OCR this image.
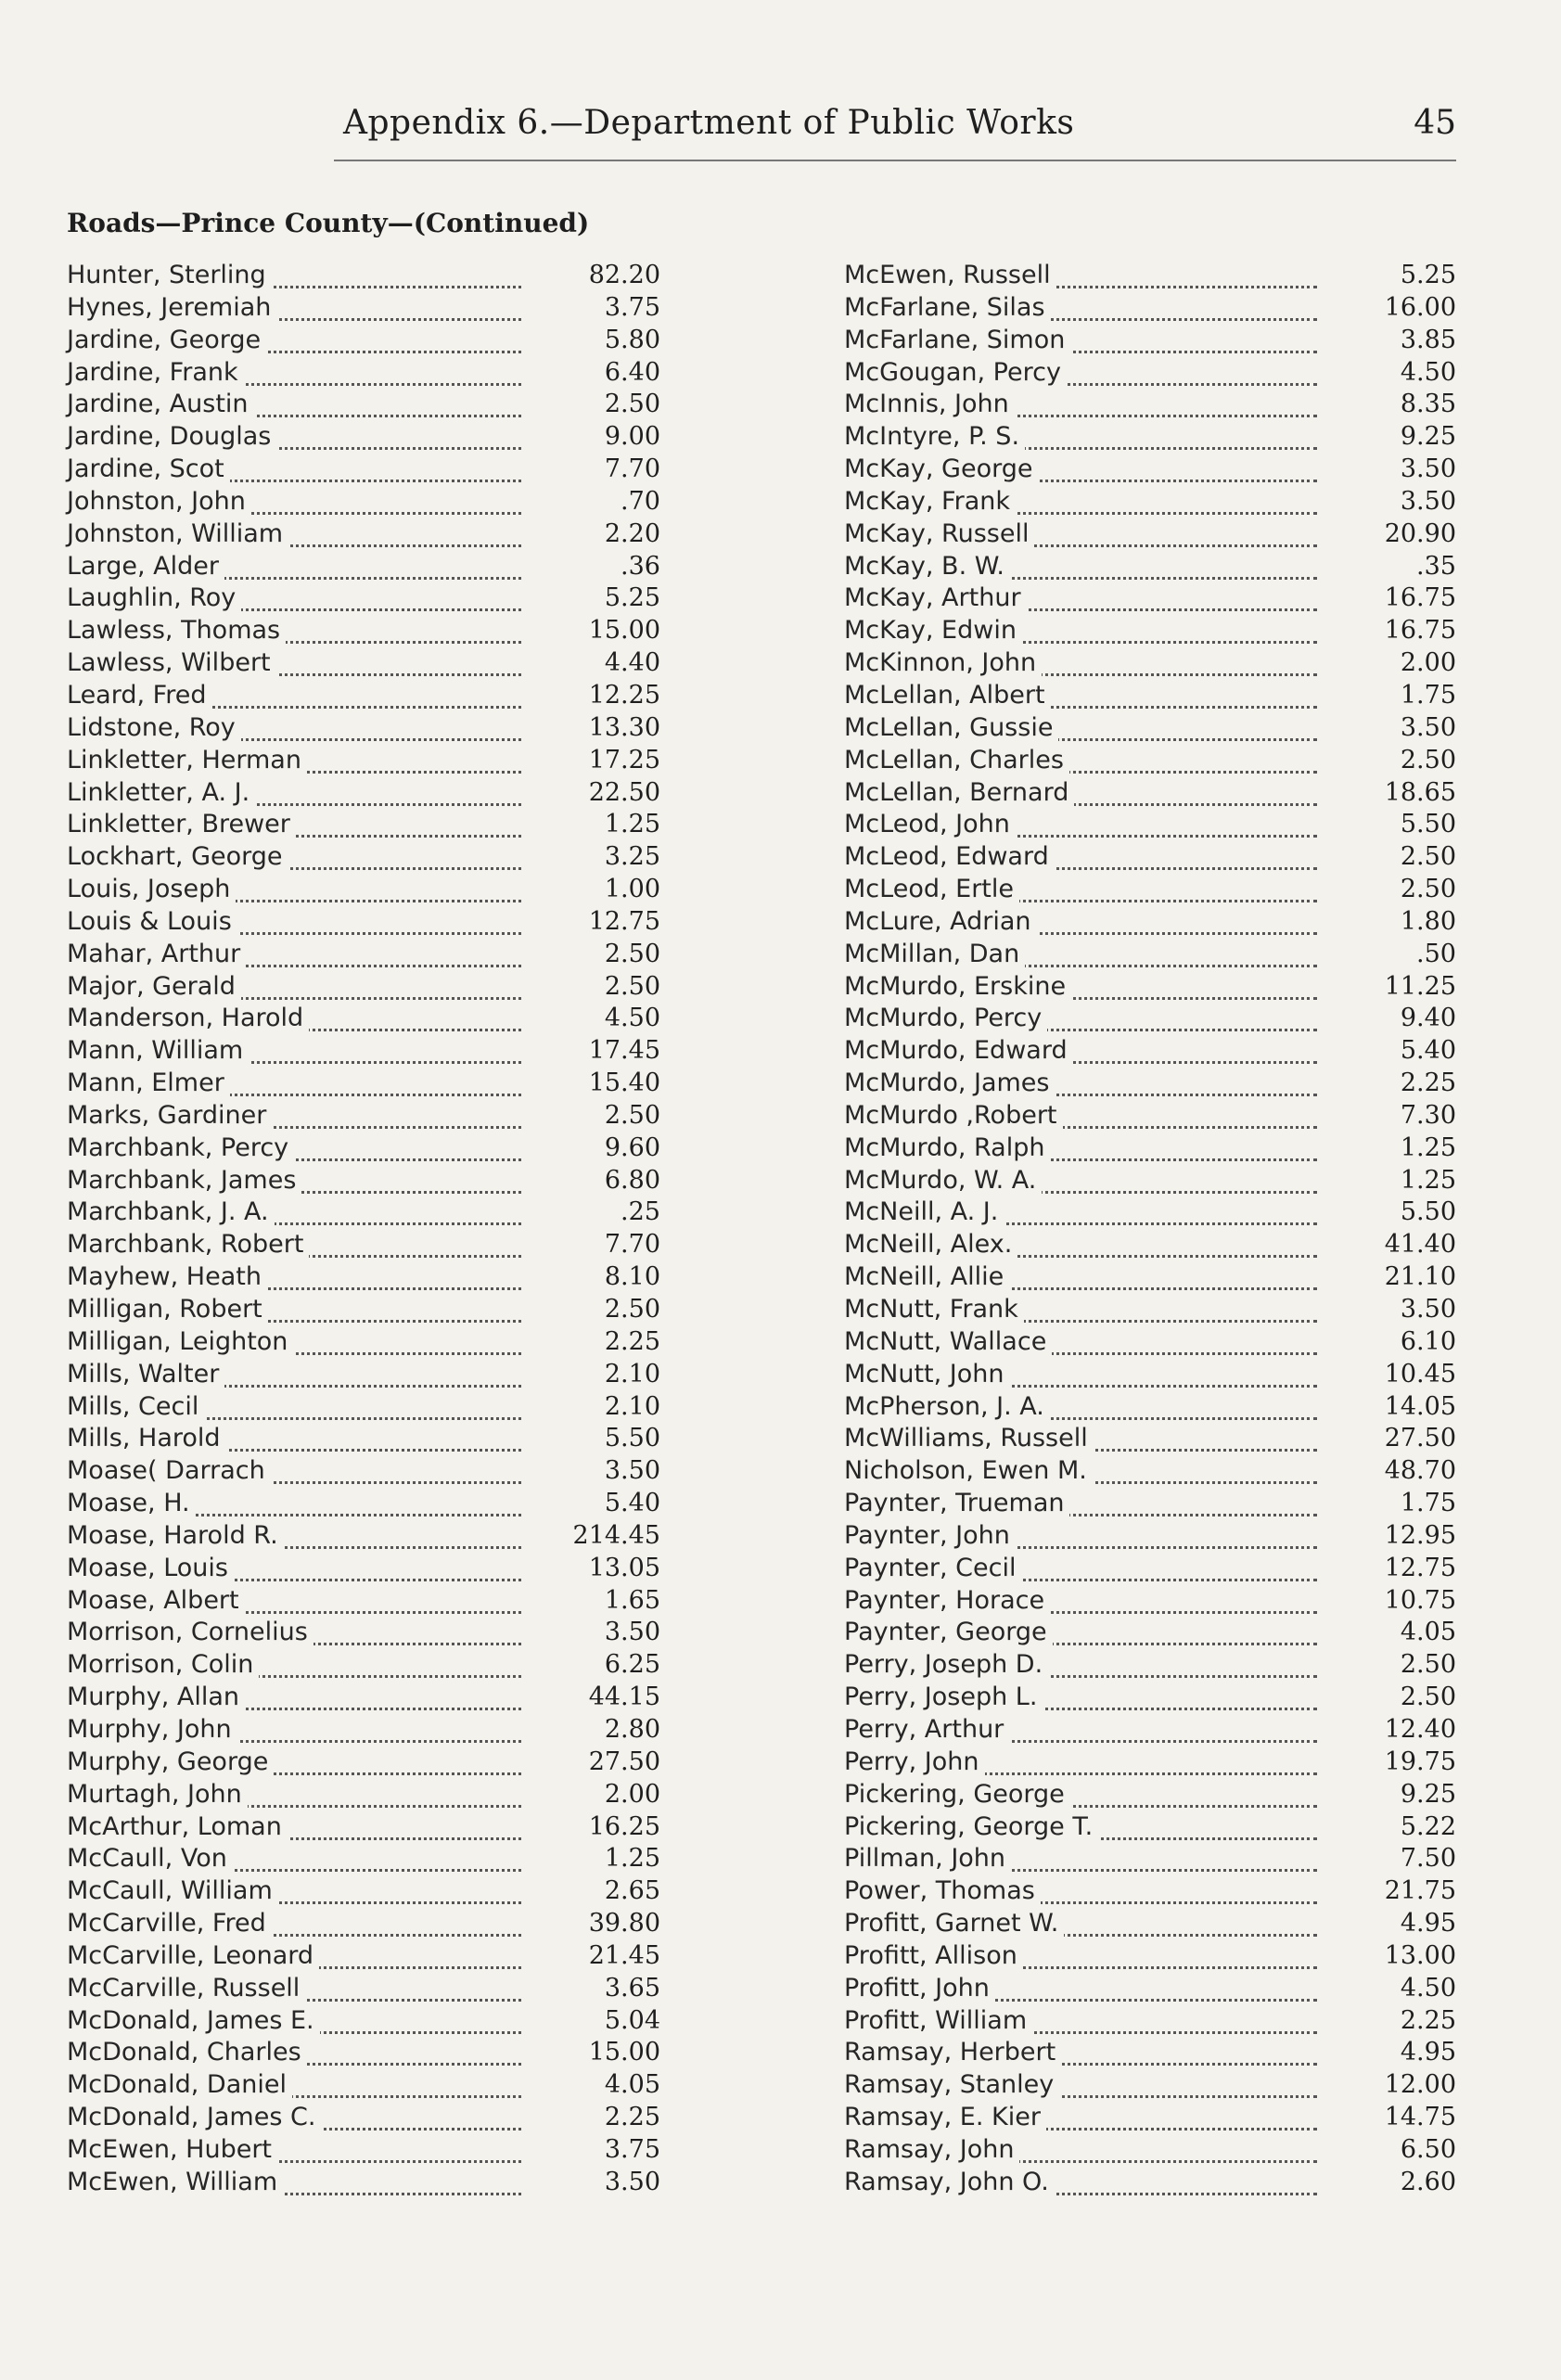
Appendix 6.—Department of Public Works	45
Roads—Prince County—(Continued)
Hunter, Sterling	82.20
Hynes, Jeremiah	3.75
Jardine, George	5.80
Jardine, Frank	6.40
Jardine, Austin	2.50
Jardine, Douglas	9.00
Jardine, Scot	7.70
Johnston, John	.70
Johnston, William	2.20
Large, Alder	.36
Laughlin, Roy	5.25
Lawless, Thomas	15.00
Lawless, Wilbert	4.40
Leard, Fred	12.25
Lidstone, Roy	13.30
Linkletter, Herman	17.25
Linkletter, A. J.	22.50
Linkletter, Brewer	1.25
Lockhart, George	3.25
Louis, Joseph	1.00
Louis & Louis	12.75
Mahar, Arthur	2.50
Major, Gerald	2.50
Manderson, Harold	4.50
Mann, William	17.45
Mann, Elmer	15.40
Marks, Gardiner	2.50
Marchbank, Percy	9.60
Marchbank, James	6.80
Marchbank, J. A.	.25
Marchbank, Robert	7.70
Mayhew, Heath	8.10
Milligan, Robert	2.50
Milligan, Leighton	2.25
Mills, Walter	2.10
Mills, Cecil	2.10
Mills, Harold	5.50
Moase( Darrach	3.50
Moase, H.	5.40
Moase, Harold R.	214.45
Moase, Louis	13.05
Moase, Albert	1.65
Morrison, Cornelius	3.50
Morrison, Colin	6.25
Murphy, Allan	44.15
Murphy, John	2.80
Murphy, George	27.50
Murtagh, John	2.00
McArthur, Loman	16.25
McCaull, Von	1.25
McCaull, William	2.65
McCarville, Fred	39.80
McCarville, Leonard	21.45
McCarville, Russell	3.65
McDonald, James E.	5.04
McDonald, Charles	15.00
McDonald, Daniel	4.05
McDonald, James C.	2.25
McEwen, Hubert	3.75
McEwen, William	3.50
McEwen, Russell	5.25
McFarlane, Silas	16.00
McFarlane, Simon	3.85
McGougan, Percy	4.50
McInnis, John	8.35
McIntyre, P. S.	9.25
McKay, George	3.50
McKay, Frank	3.50
McKay, Russell	20.90
McKay, B. W.	.35
McKay, Arthur	16.75
McKay, Edwin	16.75
McKinnon, John	2.00
McLellan, Albert	1.75
McLellan, Gussie	3.50
McLellan, Charles	2.50
McLellan, Bernard	18.65
McLeod, John	5.50
McLeod, Edward	2.50
McLeod, Ertle	2.50
McLure, Adrian	1.80
McMillan, Dan	.50
McMurdo, Erskine	11.25
McMurdo, Percy	9.40
McMurdo, Edward	5.40
McMurdo, James	2.25
McMurdo ,Robert	7.30
McMurdo, Ralph	1.25
McMurdo, W. A.	1.25
McNeill, A. J.	5.50
McNeill, Alex.	41.40
McNeill, Allie	21.10
McNutt, Frank	3.50
McNutt, Wallace	6.10
McNutt, John	10.45
McPherson, J. A.	14.05
McWilliams, Russell	27.50
Nicholson, Ewen M.	48.70
Paynter, Trueman	1.75
Paynter, John	12.95
Paynter, Cecil	12.75
Paynter, Horace	10.75
Paynter, George	4.05
Perry, Joseph D.	2.50
Perry, Joseph L.	2.50
Perry, Arthur	12.40
Perry, John	19.75
Pickering, George	9.25
Pickering, George T.	5.22
Pillman, John	7.50
Power, Thomas	21.75
Profitt, Garnet W.	4.95
Profitt, Allison	13.00
Profitt, John	4.50
Profitt, William	2.25
Ramsay, Herbert	4.95
Ramsay, Stanley	12.00
Ramsay, E. Kier	14.75
Ramsay, John	6.50
Ramsay, John O.	2.60
